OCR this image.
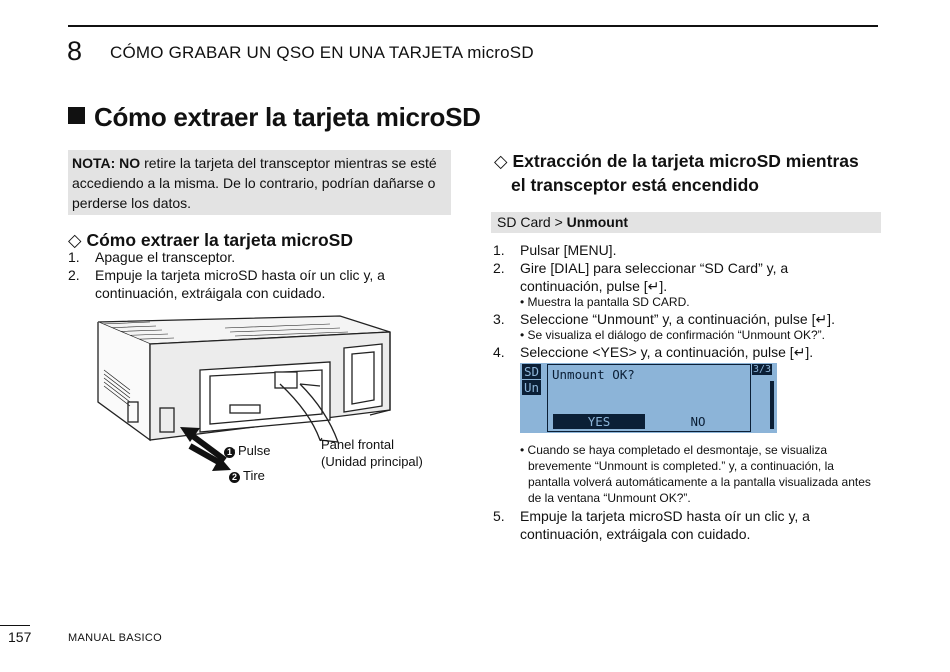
8 CÓMO GRABAR UN QSO EN UNA TARJETA microSD
Cómo extraer la tarjeta microSD
NOTA: NO retire la tarjeta del transceptor mientras se esté accediendo a la misma. De lo contrario, podrían dañarse o perderse los datos.
◇ Cómo extraer la tarjeta microSD
1. Apague el transceptor.
2. Empuje la tarjeta microSD hasta oír un clic y, a continuación, extráigala con cuidado.
1 Pulse
2 Tire
Panel frontal
(Unidad principal)
◇ Extracción de la tarjeta microSD mientras
el transceptor está encendido
SD Card > Unmount
1. Pulsar [MENU].
2. Gire [DIAL] para seleccionar “SD Card” y, a continuación, pulse [↵].
• Muestra la pantalla SD CARD.
3. Seleccione “Unmount” y, a continuación, pulse [↵].
• Se visualiza el diálogo de confirmación “Unmount OK?”.
4. Seleccione <YES> y, a continuación, pulse [↵].
SD
Un
3/3
Unmount OK?
YES	NO
• Cuando se haya completado el desmontaje, se visualiza brevemente “Unmount is completed.” y, a continuación, la pantalla volverá automáticamente a la pantalla visualizada antes de la ventana “Unmount OK?”.
5. Empuje la tarjeta microSD hasta oír un clic y, a continuación, extráigala con cuidado.
157	MANUAL BASICO
